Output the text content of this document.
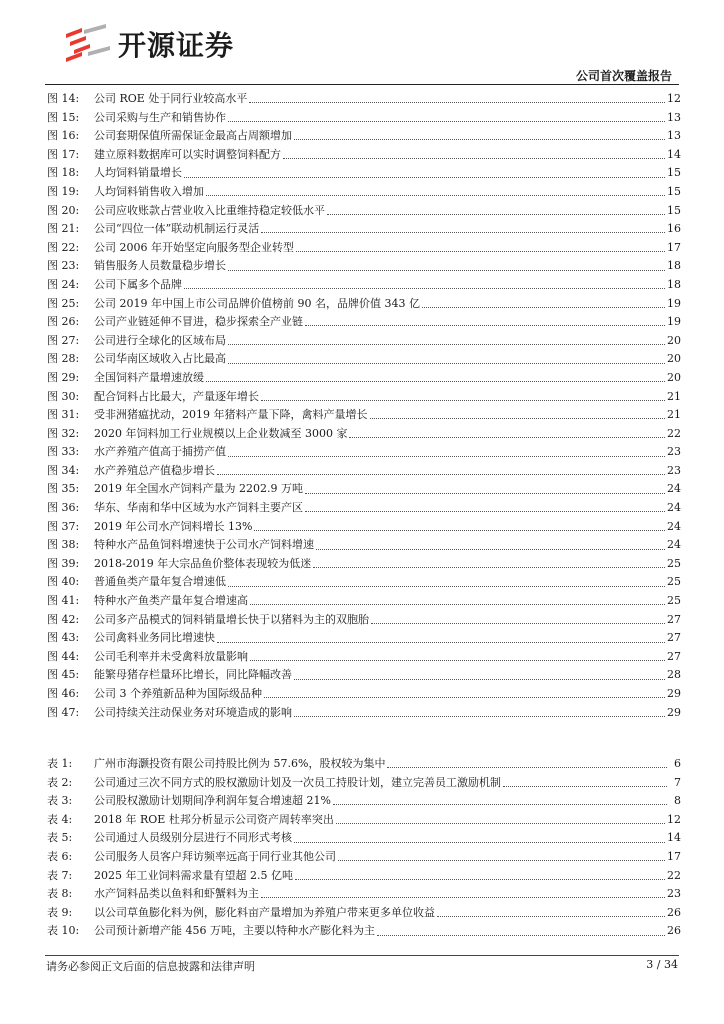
开源证券
公司首次覆盖报告
图 14:	公司 ROE 处于同行业较高水平	12
图 15:	公司采购与生产和销售协作	13
图 16:	公司套期保值所需保证金最高占周额增加	13
图 17:	建立原料数据库可以实时调整饲料配方	14
图 18:	人均饲料销量增长	15
图 19:	人均饲料销售收入增加	15
图 20:	公司应收账款占营业收入比重维持稳定较低水平	15
图 21:	公司“四位一体”联动机制运行灵活	16
图 22:	公司 2006 年开始坚定向服务型企业转型	17
图 23:	销售服务人员数量稳步增长	18
图 24:	公司下属多个品牌	18
图 25:	公司 2019 年中国上市公司品牌价值榜前 90 名，品牌价值 343 亿	19
图 26:	公司产业链延伸不冒进，稳步探索全产业链	19
图 27:	公司进行全球化的区域布局	20
图 28:	公司华南区域收入占比最高	20
图 29:	全国饲料产量增速放缓	20
图 30:	配合饲料占比最大，产量逐年增长	21
图 31:	受非洲猪瘟扰动，2019 年猪料产量下降，禽料产量增长	21
图 32:	2020 年饲料加工行业规模以上企业数减至 3000 家	22
图 33:	水产养殖产值高于捕捞产值	23
图 34:	水产养殖总产值稳步增长	23
图 35:	2019 年全国水产饲料产量为 2202.9 万吨	24
图 36:	华东、华南和华中区域为水产饲料主要产区	24
图 37:	2019 年公司水产饲料增长 13%	24
图 38:	特种水产品鱼饲料增速快于公司水产饲料增速	24
图 39:	2018-2019 年大宗品鱼价整体表现较为低迷	25
图 40:	普通鱼类产量年复合增速低	25
图 41:	特种水产鱼类产量年复合增速高	25
图 42:	公司多产品模式的饲料销量增长快于以猪料为主的双胞胎	27
图 43:	公司禽料业务同比增速快	27
图 44:	公司毛利率并未受禽料放量影响	27
图 45:	能繁母猪存栏量环比增长，同比降幅改善	28
图 46:	公司 3 个养殖新品种为国际级品种	29
图 47:	公司持续关注动保业务对环境造成的影响	29
表 1:	广州市海灏投资有限公司持股比例为 57.6%，股权较为集中	6
表 2:	公司通过三次不同方式的股权激励计划及一次员工持股计划，建立完善员工激励机制	7
表 3:	公司股权激励计划期间净利润年复合增速超 21%	8
表 4:	2018 年 ROE 杜邦分析显示公司资产周转率突出	12
表 5:	公司通过人员级别分层进行不同形式考核	14
表 6:	公司服务人员客户拜访频率远高于同行业其他公司	17
表 7:	2025 年工业饲料需求量有望超 2.5 亿吨	22
表 8:	水产饲料品类以鱼料和虾蟹料为主	23
表 9:	以公司草鱼膨化料为例，膨化料亩产量增加为养殖户带来更多单位收益	26
表 10:	公司预计新增产能 456 万吨，主要以特种水产膨化料为主	26
请务必参阅正文后面的信息披露和法律声明	3 / 34
